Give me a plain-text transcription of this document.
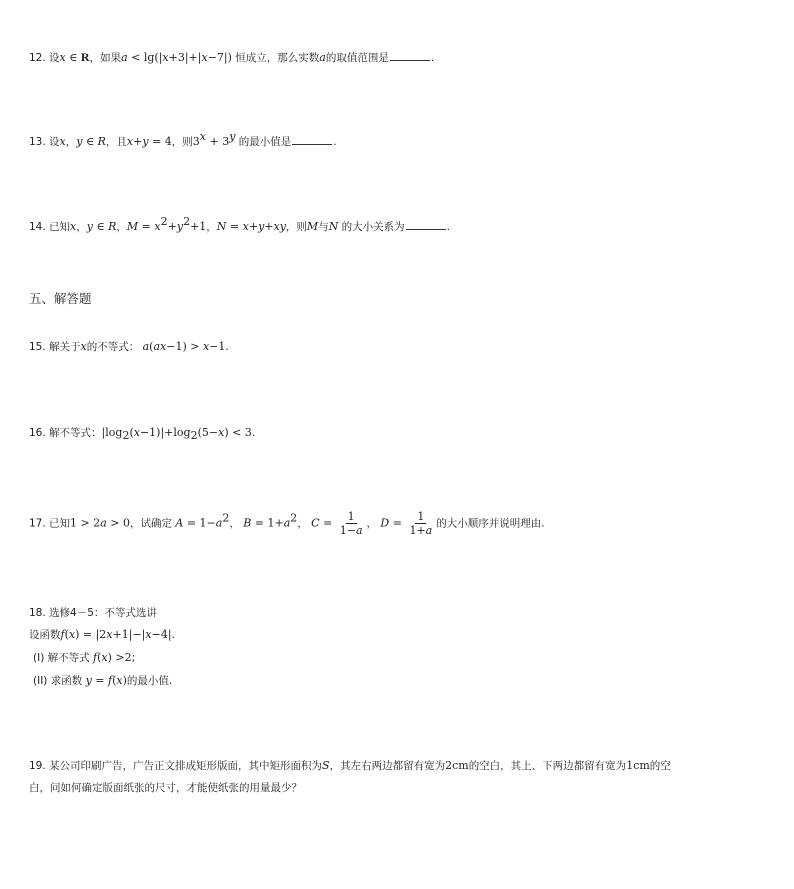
12. 设x ∈ R，如果a < lg(|x+3|+|x−7|) 恒成立，那么实数a的取值范围是	.
13. 设x，y ∈ R，且x+y = 4，则$3^x + 3^y$ 的最小值是	.
14. 已知x，y ∈ R，$M = x^2+y^2+1$，N = x+y+xy，则M与N 的大小关系为	.
五、解答题
15. 解关于x的不等式： a(ax−1) > x−1.
16. 解不等式：$|\log_2(x-1)|+\log_2(5-x) < 3$.
17. 已知1 > 2a > 0，试确定 $A = 1-a^2$， $B = 1+a^2$， $C = \frac{1}{1-a}$ ， $D = \frac{1}{1+a}$ 的大小顺序并说明理由.
18. 选修4－5：不等式选讲
设函数f(x) = |2x+1|−|x−4|.
(I) 解不等式 f(x) >2;
(II) 求函数 y = f(x)的最小值.
19. 某公司印刷广告，广告正文排成矩形版面，其中矩形面积为S，其左右两边都留有宽为2cm的空白，其上、下两边都留有宽为1cm的空
白，问如何确定版面纸张的尺寸，才能使纸张的用量最少？
